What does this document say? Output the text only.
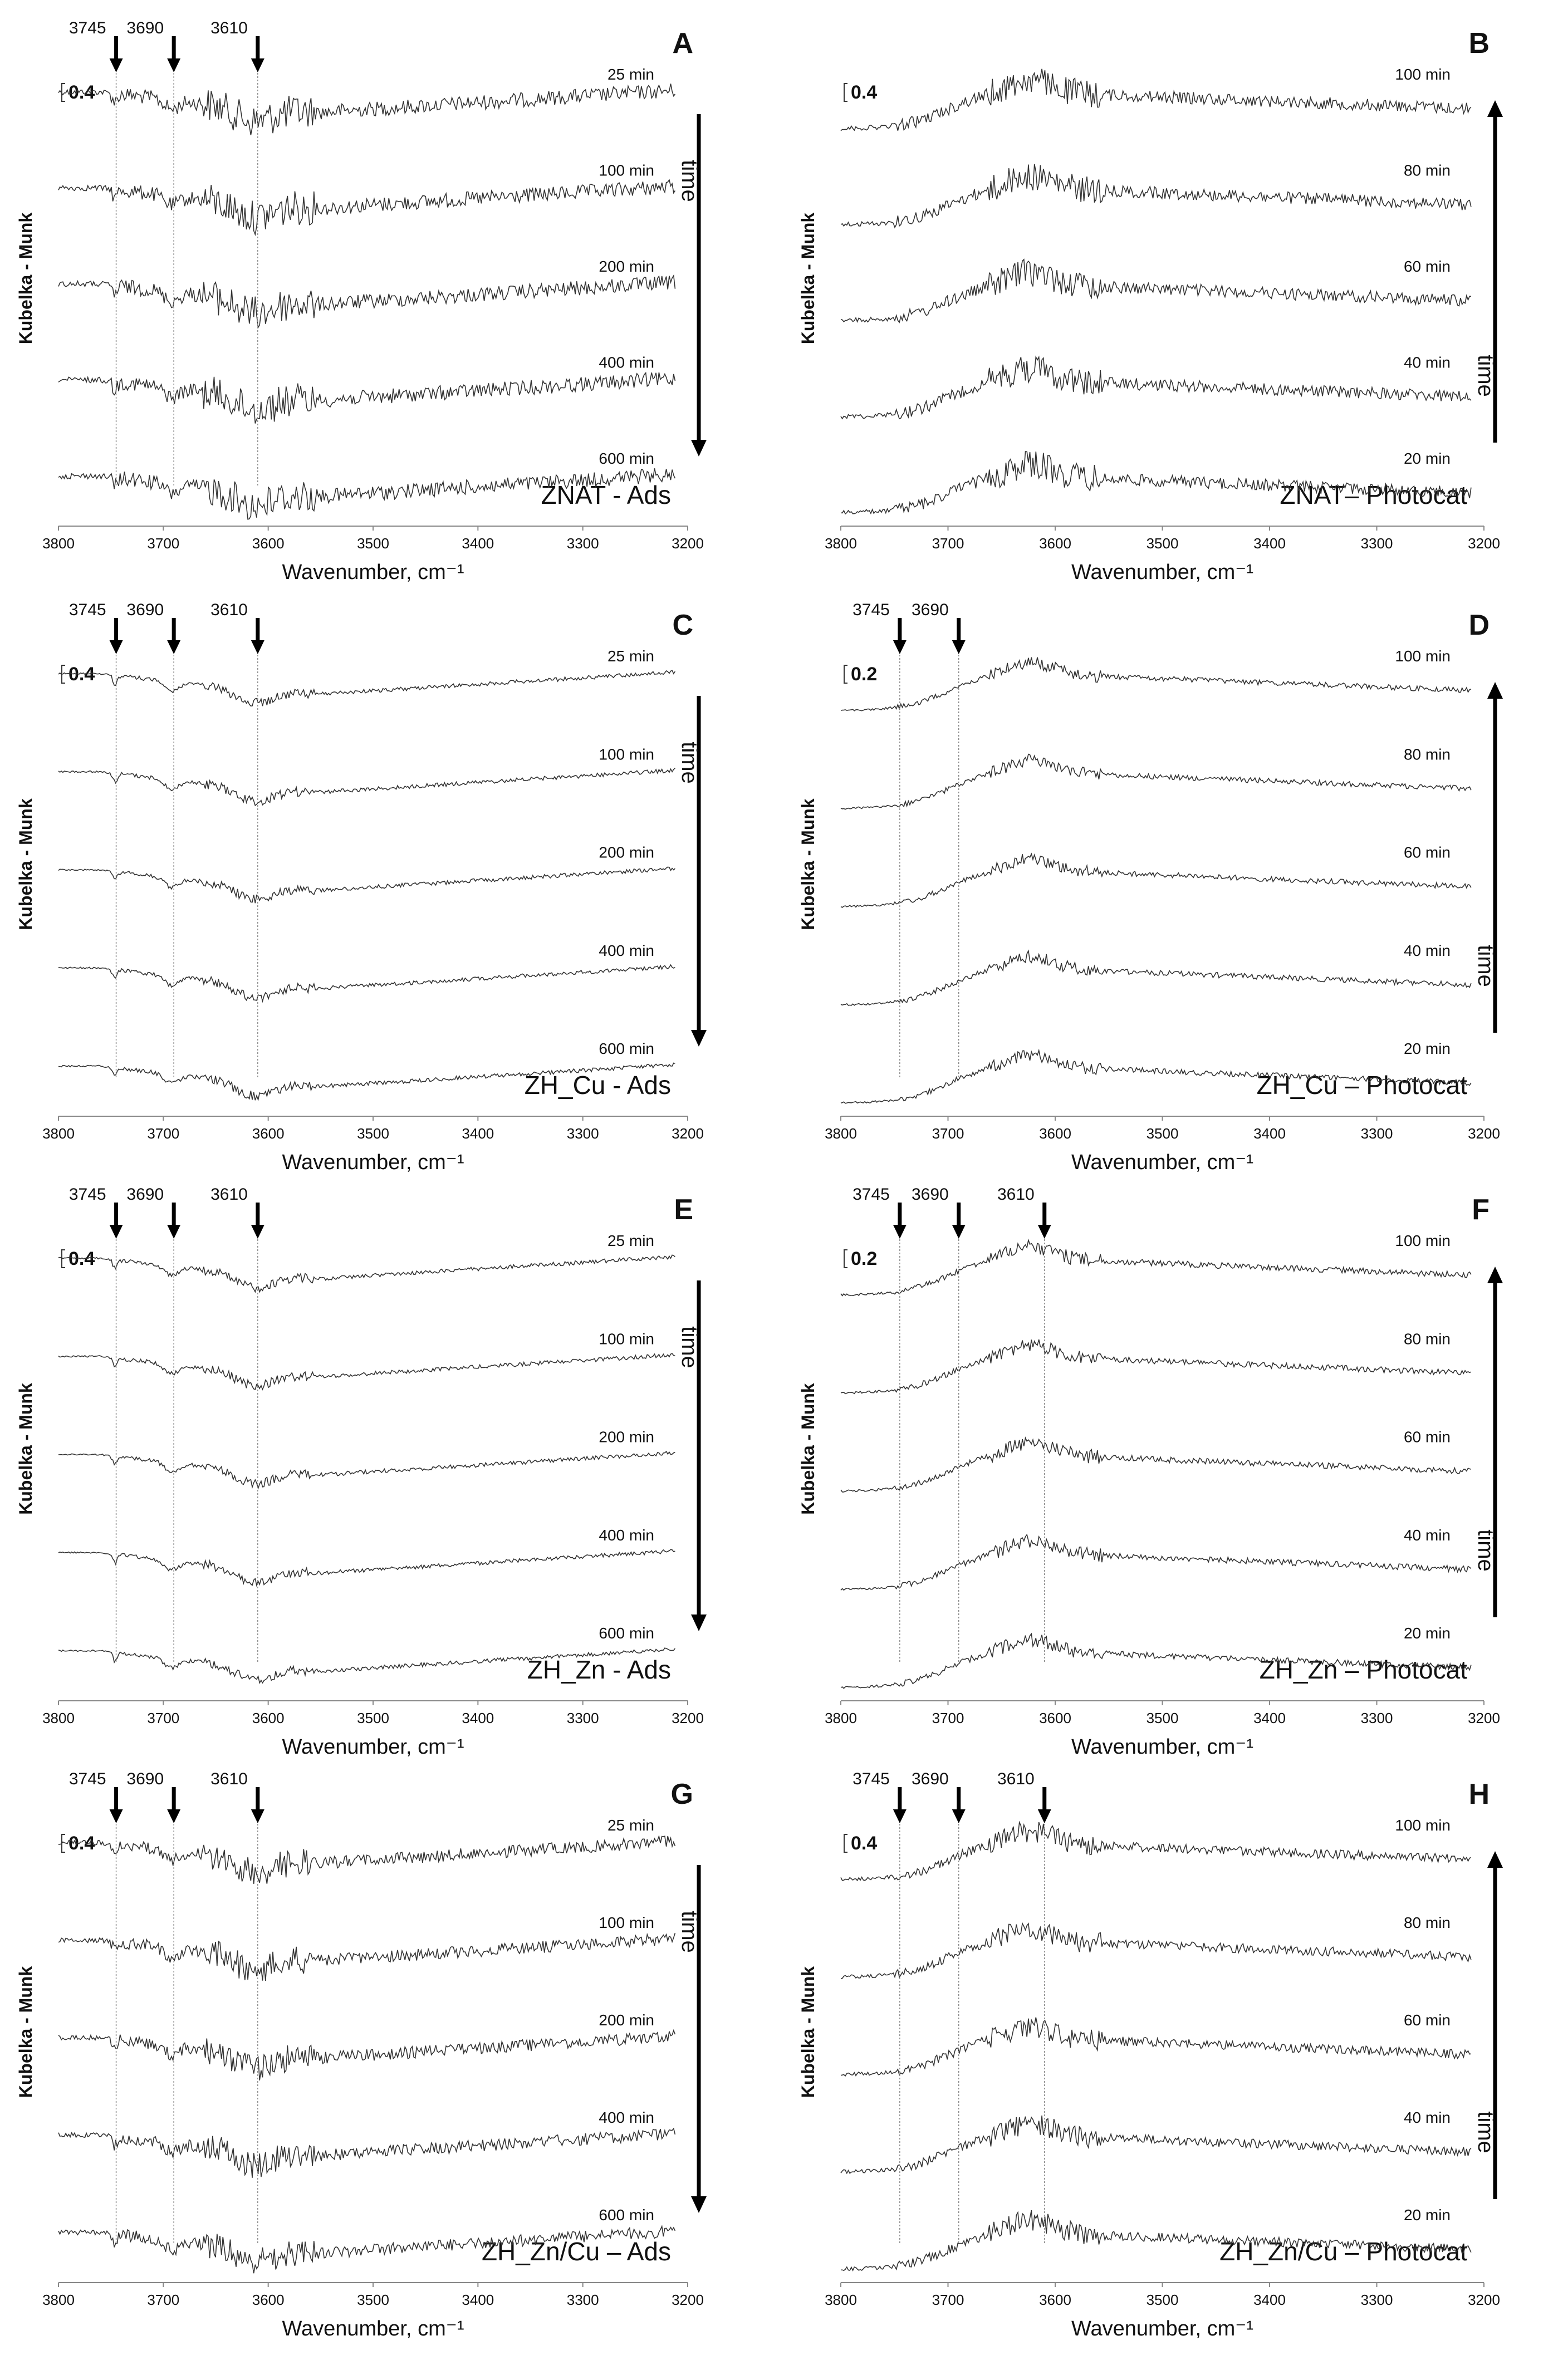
3800	3700	3600	3500	3400	3300	3200
Wavenumber, cm⁻¹
Kubelka - Munk
A
ZNAT - Ads
0.4
25 min
100 min
200 min
400 min
600 min
3745 3690	3610
time
3800	3700	3600	3500	3400	3300	3200
Wavenumber, cm⁻¹
Kubelka - Munk
B
ZNAT– Photocat
0.4
100 min
80 min
60 min
40 min
20 min
time
3800	3700	3600	3500	3400	3300	3200
Wavenumber, cm⁻¹
Kubelka - Munk
C
ZH_Cu - Ads
0.4
25 min
100 min
200 min
400 min
600 min
3745 3690	3610
time
3800	3700	3600	3500	3400	3300	3200
Wavenumber, cm⁻¹
Kubelka - Munk
D
ZH_Cu – Photocat
0.2
100 min
80 min
60 min
40 min
20 min
3745 3690
time
3800	3700	3600	3500	3400	3300	3200
Wavenumber, cm⁻¹
Kubelka - Munk
E
ZH_Zn - Ads
0.4
25 min
100 min
200 min
400 min
600 min
3745 3690	3610
time
3800	3700	3600	3500	3400	3300	3200
Wavenumber, cm⁻¹
Kubelka - Munk
F
ZH_Zn – Photocat
0.2
100 min
80 min
60 min
40 min
20 min
3745 3690	3610
time
3800	3700	3600	3500	3400	3300	3200
Wavenumber, cm⁻¹
Kubelka - Munk
G
ZH_Zn/Cu – Ads
0.4
25 min
100 min
200 min
400 min
600 min
3745 3690	3610
time
3800	3700	3600	3500	3400	3300	3200
Wavenumber, cm⁻¹
Kubelka - Munk
H
ZH_Zn/Cu – Photocat
0.4
100 min
80 min
60 min
40 min
20 min
3745 3690	3610
time
